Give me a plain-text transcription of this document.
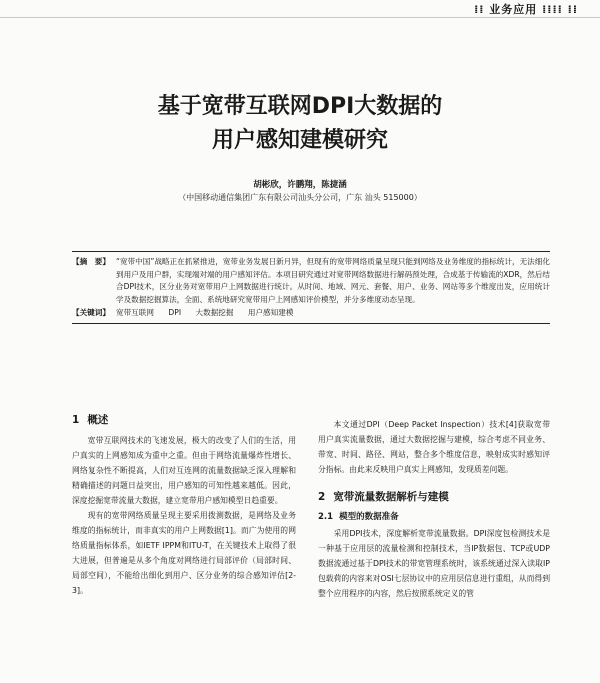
⁞⁞ 业务应用 ⁞⁞⁞⁞ ⁞⁞
基于宽带互联网DPI大数据的
用户感知建模研究
胡彬欣，许鹏翔，陈捷涵
（中国移动通信集团广东有限公司汕头分公司，广东 汕头 515000）
【摘　要】 “宽带中国”战略正在抓紧推进，宽带业务发展日新月异，但现有的宽带网络质量呈现只能到网络及业务维度的指标统计，无法细化到用户及用户群，实现端对端的用户感知评估。本项目研究通过对宽带网络数据进行解码预处理，合成基于传输流的XDR，然后结合DPI技术，区分业务对宽带用户上网数据进行统计。从时间、地域、网元、套餐、用户、业务、网站等多个维度出发，应用统计学及数据挖掘算法，全面、系统地研究宽带用户上网感知评价模型，并分多维度动态呈现。
【关键词】 宽带互联网 DPI 大数据挖掘 用户感知建模
1 概述

宽带互联网技术的飞速发展，极大的改变了人们的生活，用户真实的上网感知成为重中之重。但由于网络流量爆炸性增长、网络复杂性不断提高，人们对互连网的流量数据缺乏深入理解和精确描述的问题日益突出，用户感知的可知性越来越低。因此，深度挖掘宽带流量大数据，建立宽带用户感知模型日趋重要。

现有的宽带网络质量呈现主要采用拨测数据，是网络及业务维度的指标统计，而非真实的用户上网数据[1]。而广为使用的网络质量指标体系，如IETF IPPM和ITU-T，在关键技术上取得了很大进展，但普遍是从多个角度对网络进行局部评价（局部时间、局部空间），不能给出细化到用户、区分业务的综合感知评估[2-3]。

本文通过DPI（Deep Packet Inspection）技术[4]获取宽带用户真实流量数据，通过大数据挖掘与建模，综合考虑不同业务、带宽、时间、路径、网站，整合多个维度信息，映射成实时感知评分指标。由此来反映用户真实上网感知，发现质差问题。

2 宽带流量数据解析与建模
2.1 模型的数据准备

采用DPI技术，深度解析宽带流量数据。DPI深度包检测技术是一种基于应用层的流量检测和控制技术，当IP数据包、TCP或UDP数据流通过基于DPI技术的带宽管理系统时，该系统通过深入读取IP包载荷的内容来对OSI七层协议中的应用层信息进行重组，从而得到整个应用程序的内容，然后按照系统定义的管
